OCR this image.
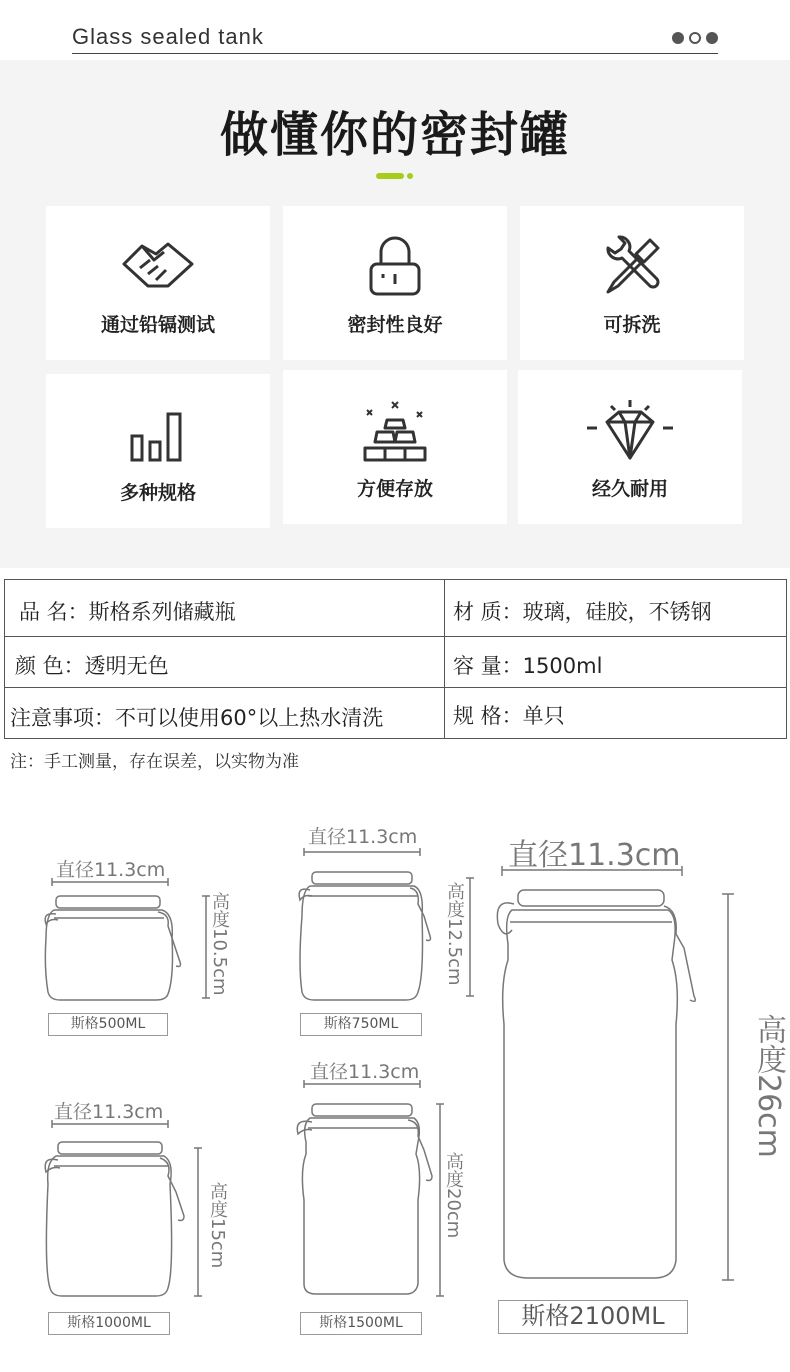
Glass sealed tank
做懂你的密封罐
通过铅镉测试	密封性良好	可拆洗
多种规格	方便存放	经久耐用
品 名：斯格系列储藏瓶	材 质：玻璃，硅胶，不锈钢
颜 色：透明无色	容 量：1500ml
注意事项：不可以使用60°以上热水清洗	规 格：单只
注：手工测量，存在误差，以实物为准
直径11.3cm
高度10.5cm
斯格500ML
直径11.3cm
高度12.5cm
斯格750ML
直径11.3cm
高度26cm
斯格2100ML
直径11.3cm
高度15cm
斯格1000ML
直径11.3cm
高度20cm
斯格1500ML
